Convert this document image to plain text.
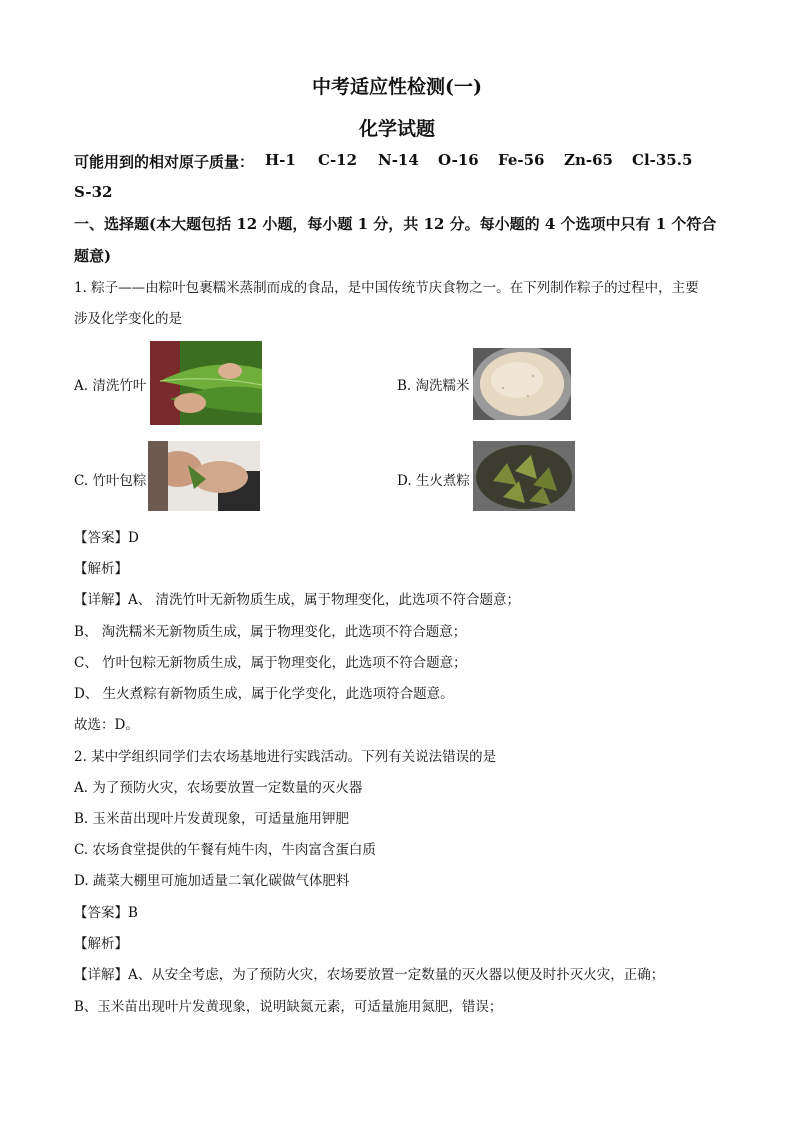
中考适应性检测(一)
化学试题
可能用到的相对原子质量： H-1 C-12 N-14 O-16 Fe-56 Zn-65 Cl-35.5
S-32
一、选择题(本大题包括 12 小题，每小题 1 分，共 12 分。每小题的 4 个选项中只有 1 个符合
题意)
1. 粽子——由粽叶包裹糯米蒸制而成的食品，是中国传统节庆食物之一。在下列制作粽子的过程中，主要
涉及化学变化的是
A. 清洗竹叶	B. 淘洗糯米
C. 竹叶包粽	D. 生火煮粽
【答案】D
【解析】
【详解】A、 清洗竹叶无新物质生成，属于物理变化，此选项不符合题意；
B、 淘洗糯米无新物质生成，属于物理变化，此选项不符合题意；
C、 竹叶包粽无新物质生成，属于物理变化，此选项不符合题意；
D、 生火煮粽有新物质生成，属于化学变化，此选项符合题意。
故选：D。
2. 某中学组织同学们去农场基地进行实践活动。下列有关说法错误的是
A. 为了预防火灾，农场要放置一定数量的灭火器
B. 玉米苗出现叶片发黄现象，可适量施用钾肥
C. 农场食堂提供的午餐有炖牛肉，牛肉富含蛋白质
D. 蔬菜大棚里可施加适量二氧化碳做气体肥料
【答案】B
【解析】
【详解】A、从安全考虑，为了预防火灾，农场要放置一定数量的灭火器以便及时扑灭火灾，正确；
B、玉米苗出现叶片发黄现象，说明缺氮元素，可适量施用氮肥，错误；
